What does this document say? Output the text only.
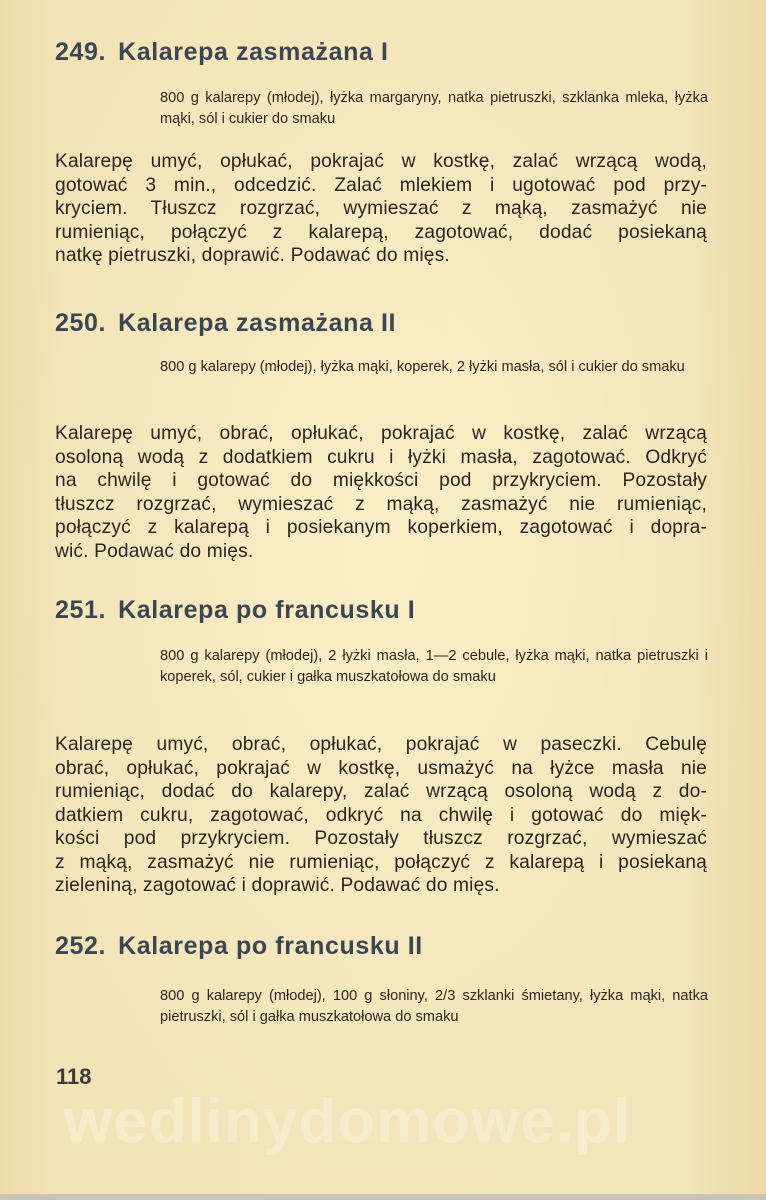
249. Kalarepa zasmażana I
800 g kalarepy (młodej), łyżka margaryny, natka pietruszki, szklanka mleka, łyżka mąki, sól i cukier do smaku
Kalarepę umyć, opłukać, pokrajać w kostkę, zalać wrzącą wodą,
gotować 3 min., odcedzić. Zalać mlekiem i ugotować pod przy-
kryciem. Tłuszcz rozgrzać, wymieszać z mąką, zasmażyć nie
rumieniąc, połączyć z kalarepą, zagotować, dodać posiekaną
natkę pietruszki, doprawić. Podawać do mięs.
250. Kalarepa zasmażana II
800 g kalarepy (młodej), łyżka mąki, koperek, 2 łyżki masła, sól i cukier do smaku
Kalarepę umyć, obrać, opłukać, pokrajać w kostkę, zalać wrzącą
osoloną wodą z dodatkiem cukru i łyżki masła, zagotować. Odkryć
na chwilę i gotować do miękkości pod przykryciem. Pozostały
tłuszcz rozgrzać, wymieszać z mąką, zasmażyć nie rumieniąc,
połączyć z kalarepą i posiekanym koperkiem, zagotować i dopra-
wić. Podawać do mięs.
251. Kalarepa po francusku I
800 g kalarepy (młodej), 2 łyżki masła, 1—2 cebule, łyżka mąki, natka pietruszki i koperek, sól, cukier i gałka muszkatołowa do smaku
Kalarepę umyć, obrać, opłukać, pokrajać w paseczki. Cebulę
obrać, opłukać, pokrajać w kostkę, usmażyć na łyżce masła nie
rumieniąc, dodać do kalarepy, zalać wrzącą osoloną wodą z do-
datkiem cukru, zagotować, odkryć na chwilę i gotować do mięk-
kości pod przykryciem. Pozostały tłuszcz rozgrzać, wymieszać
z mąką, zasmażyć nie rumieniąc, połączyć z kalarepą i posiekaną
zieleniną, zagotować i doprawić. Podawać do mięs.
252. Kalarepa po francusku II
800 g kalarepy (młodej), 100 g słoniny, 2/3 szklanki śmietany, łyżka mąki, natka pietruszki, sól i gałka muszkatołowa do smaku
118
wedlinydomowe.pl
